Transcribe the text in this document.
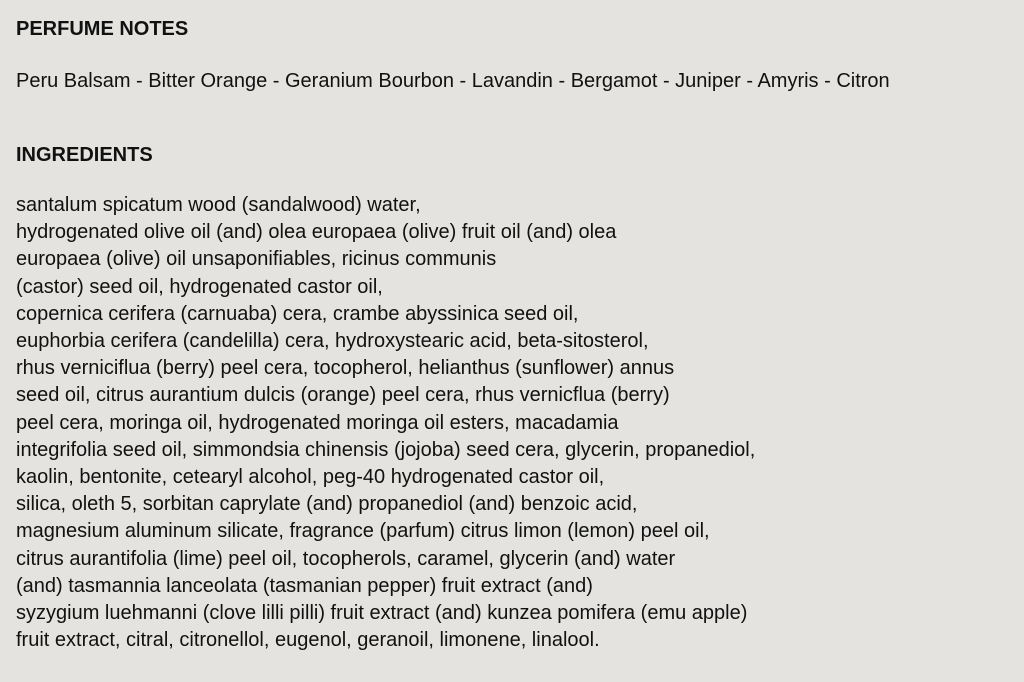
PERFUME NOTES

Peru Balsam - Bitter Orange - Geranium Bourbon - Lavandin - Bergamot - Juniper - Amyris - Citron

INGREDIENTS
santalum spicatum wood (sandalwood) water,
hydrogenated olive oil (and) olea europaea (olive) fruit oil (and) olea
europaea (olive) oil unsaponifiables, ricinus communis
(castor) seed oil, hydrogenated castor oil,
copernica cerifera (carnuaba) cera, crambe abyssinica seed oil,
euphorbia cerifera (candelilla) cera, hydroxystearic acid, beta-sitosterol,
rhus verniciflua (berry) peel cera, tocopherol, helianthus (sunflower) annus
seed oil, citrus aurantium dulcis (orange) peel cera, rhus vernicflua (berry)
peel cera, moringa oil, hydrogenated moringa oil esters, macadamia
integrifolia seed oil, simmondsia chinensis (jojoba) seed cera, glycerin, propanediol,
kaolin, bentonite, cetearyl alcohol, peg-40 hydrogenated castor oil,
silica, oleth 5, sorbitan caprylate (and) propanediol (and) benzoic acid,
magnesium aluminum silicate, fragrance (parfum) citrus limon (lemon) peel oil,
citrus aurantifolia (lime) peel oil, tocopherols, caramel, glycerin (and) water
(and) tasmannia lanceolata (tasmanian pepper) fruit extract (and)
syzygium luehmanni (clove lilli pilli) fruit extract (and) kunzea pomifera (emu apple)
fruit extract, citral, citronellol, eugenol, geranoil, limonene, linalool.
